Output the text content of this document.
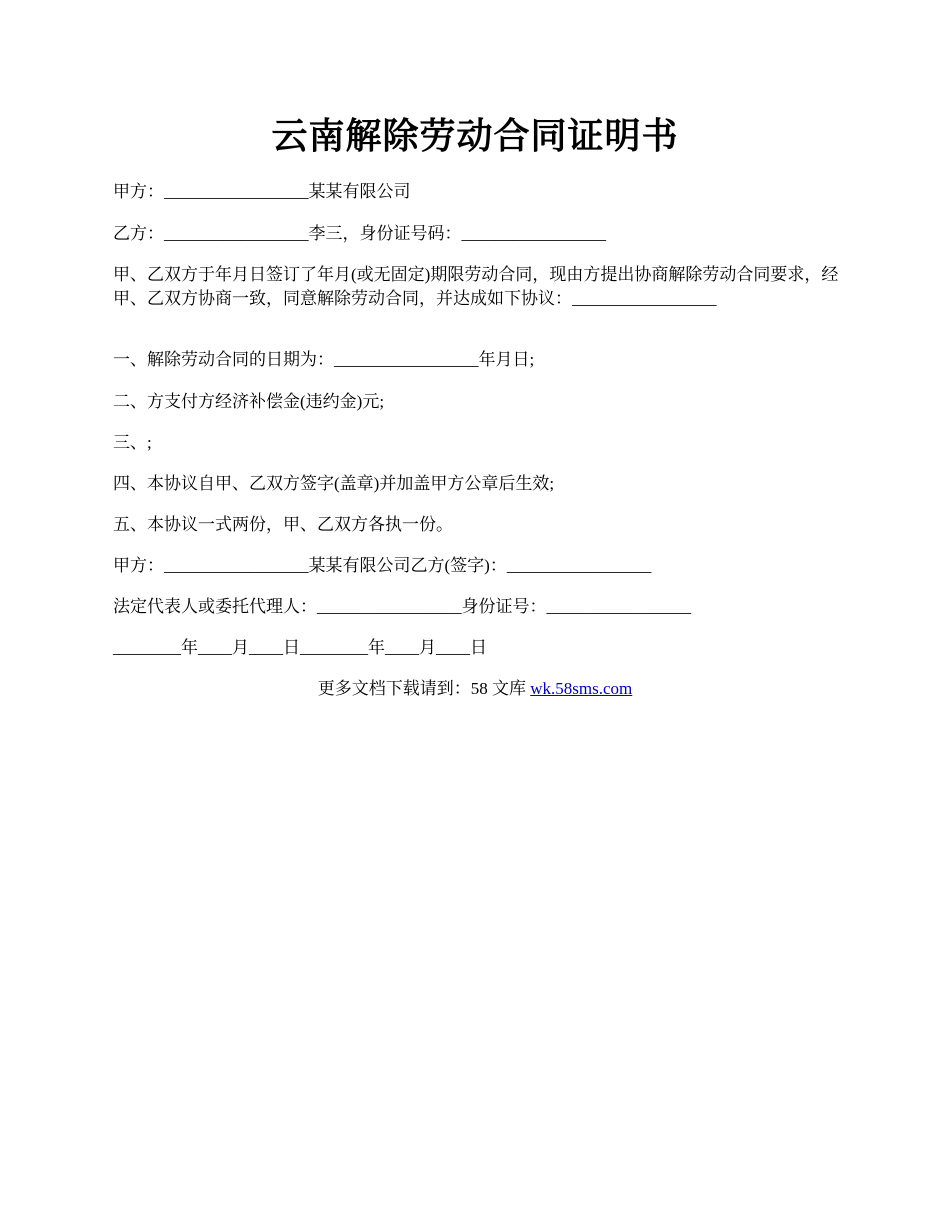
云南解除劳动合同证明书
甲方：_________________某某有限公司
乙方：_________________李三，身份证号码：_________________
甲、乙双方于年月日签订了年月(或无固定)期限劳动合同，现由方提出协商解除劳动合同要求，经甲、乙双方协商一致，同意解除劳动合同，并达成如下协议：_________________
一、解除劳动合同的日期为：_________________年月日;
二、方支付方经济补偿金(违约金)元;
三、;
四、本协议自甲、乙双方签字(盖章)并加盖甲方公章后生效;
五、本协议一式两份，甲、乙双方各执一份。
甲方：_________________某某有限公司乙方(签字)：_________________
法定代表人或委托代理人：_________________身份证号：_________________
________年____月____日________年____月____日
更多文档下载请到：58 文库 wk.58sms.com
